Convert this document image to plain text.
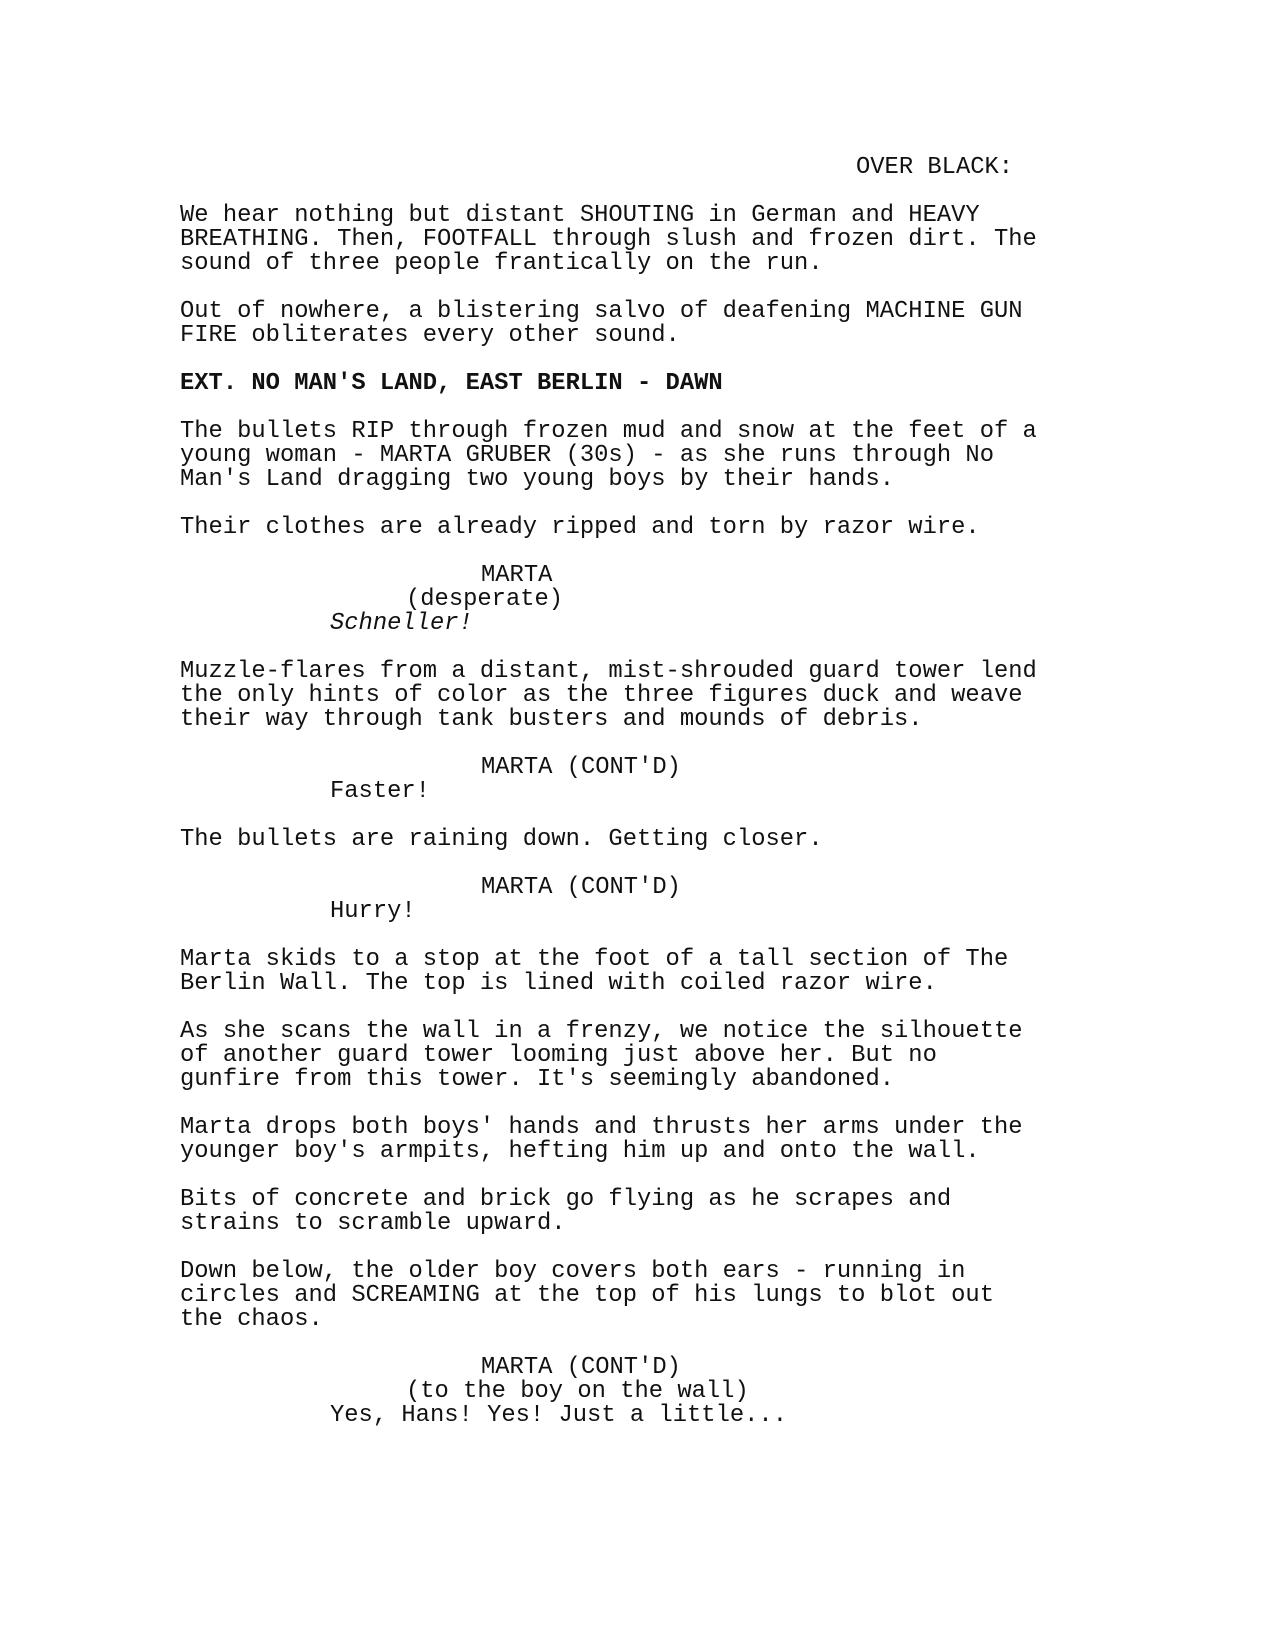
OVER BLACK:

We hear nothing but distant SHOUTING in German and HEAVY

BREATHING. Then, FOOTFALL through slush and frozen dirt. The

sound of three people frantically on the run.

Out of nowhere, a blistering salvo of deafening MACHINE GUN

FIRE obliterates every other sound.

EXT. NO MAN'S LAND, EAST BERLIN - DAWN

The bullets RIP through frozen mud and snow at the feet of a

young woman - MARTA GRUBER (30s) - as she runs through No

Man's Land dragging two young boys by their hands.

Their clothes are already ripped and torn by razor wire.

MARTA

(desperate)

Schneller!

Muzzle-flares from a distant, mist-shrouded guard tower lend

the only hints of color as the three figures duck and weave

their way through tank busters and mounds of debris.

MARTA (CONT'D)

Faster!

The bullets are raining down. Getting closer.

MARTA (CONT'D)

Hurry!

Marta skids to a stop at the foot of a tall section of The

Berlin Wall. The top is lined with coiled razor wire.

As she scans the wall in a frenzy, we notice the silhouette

of another guard tower looming just above her. But no

gunfire from this tower. It's seemingly abandoned.

Marta drops both boys' hands and thrusts her arms under the

younger boy's armpits, hefting him up and onto the wall.

Bits of concrete and brick go flying as he scrapes and

strains to scramble upward.

Down below, the older boy covers both ears - running in

circles and SCREAMING at the top of his lungs to blot out

the chaos.

MARTA (CONT'D)

(to the boy on the wall)

Yes, Hans! Yes! Just a little...
